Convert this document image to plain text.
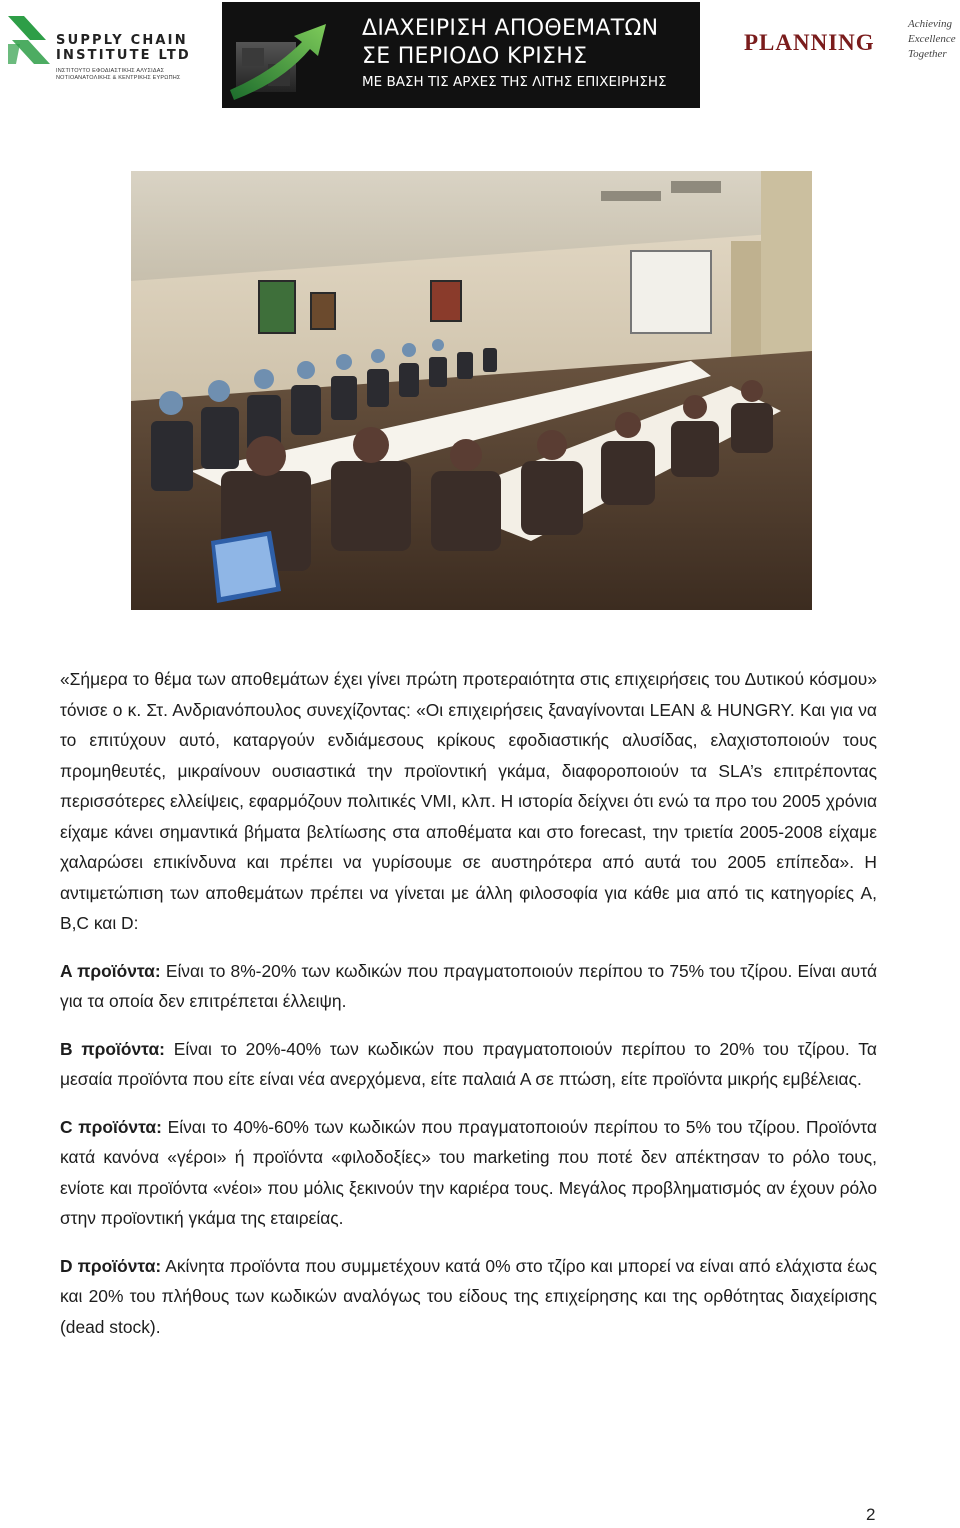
SUPPLY CHAIN INSTITUTE LTD
ΙΝΣΤΙΤΟΥΤΟ ΕΦΟΔΙΑΣΤΙΚΗΣ ΑΛΥΣΙΔΑΣ ΝΟΤΙΟΑΝΑΤΟΛΙΚΗΣ & ΚΕΝΤΡΙΚΗΣ ΕΥΡΩΠΗΣ
ΔΙΑΧΕΙΡΙΣΗ ΑΠΟΘΕΜΑΤΩΝ
ΣΕ ΠΕΡΙΟΔΟ ΚΡΙΣΗΣ
ΜΕ ΒΑΣΗ ΤΙΣ ΑΡΧΕΣ ΤΗΣ ΛΙΤΗΣ ΕΠΙΧΕΙΡΗΣΗΣ
PLANNING
Achieving Excellence Together

«Σήμερα το θέμα των αποθεμάτων έχει γίνει πρώτη προτεραιότητα στις επιχειρήσεις του Δυτικού κόσμου» τόνισε ο κ. Στ. Ανδριανόπουλος συνεχίζοντας: «Οι επιχειρήσεις ξαναγίνονται LEAN & HUNGRY. Και για να το επιτύχουν αυτό, καταργούν ενδιάμεσους κρίκους εφοδιαστικής αλυσίδας, ελαχιστοποιούν τους προμηθευτές, μικραίνουν ουσιαστικά την προϊοντική γκάμα, διαφοροποιούν τα SLA’s επιτρέποντας περισσότερες ελλείψεις, εφαρμόζουν πολιτικές VMI, κλπ. Η ιστορία δείχνει ότι ενώ τα προ του 2005 χρόνια είχαμε κάνει σημαντικά βήματα βελτίωσης στα αποθέματα και στο forecast, την τριετία 2005-2008 είχαμε χαλαρώσει επικίνδυνα και πρέπει να γυρίσουμε σε αυστηρότερα από αυτά του 2005 επίπεδα». Η αντιμετώπιση των αποθεμάτων πρέπει να γίνεται με άλλη φιλοσοφία για κάθε μια από τις κατηγορίες A, B,C και D:

A προϊόντα: Είναι το 8%-20% των κωδικών που πραγματοποιούν περίπου το 75% του τζίρου. Είναι αυτά για τα οποία δεν επιτρέπεται έλλειψη.

B προϊόντα: Είναι το 20%-40% των κωδικών που πραγματοποιούν περίπου το 20% του τζίρου. Τα μεσαία προϊόντα που είτε είναι νέα ανερχόμενα, είτε παλαιά Α σε πτώση, είτε προϊόντα μικρής εμβέλειας.

C προϊόντα: Είναι το 40%-60% των κωδικών που πραγματοποιούν περίπου το 5% του τζίρου. Προϊόντα κατά κανόνα «γέροι» ή προϊόντα «φιλοδοξίες» του marketing που ποτέ δεν απέκτησαν το ρόλο τους, ενίοτε και προϊόντα «νέοι» που μόλις ξεκινούν την καριέρα τους. Μεγάλος προβληματισμός αν έχουν ρόλο στην προϊοντική γκάμα της εταιρείας.

D προϊόντα: Ακίνητα προϊόντα που συμμετέχουν κατά 0% στο τζίρο και μπορεί να είναι από ελάχιστα έως και 20% του πλήθους των κωδικών αναλόγως του είδους της επιχείρησης και της ορθότητας διαχείρισης (dead stock).

2
